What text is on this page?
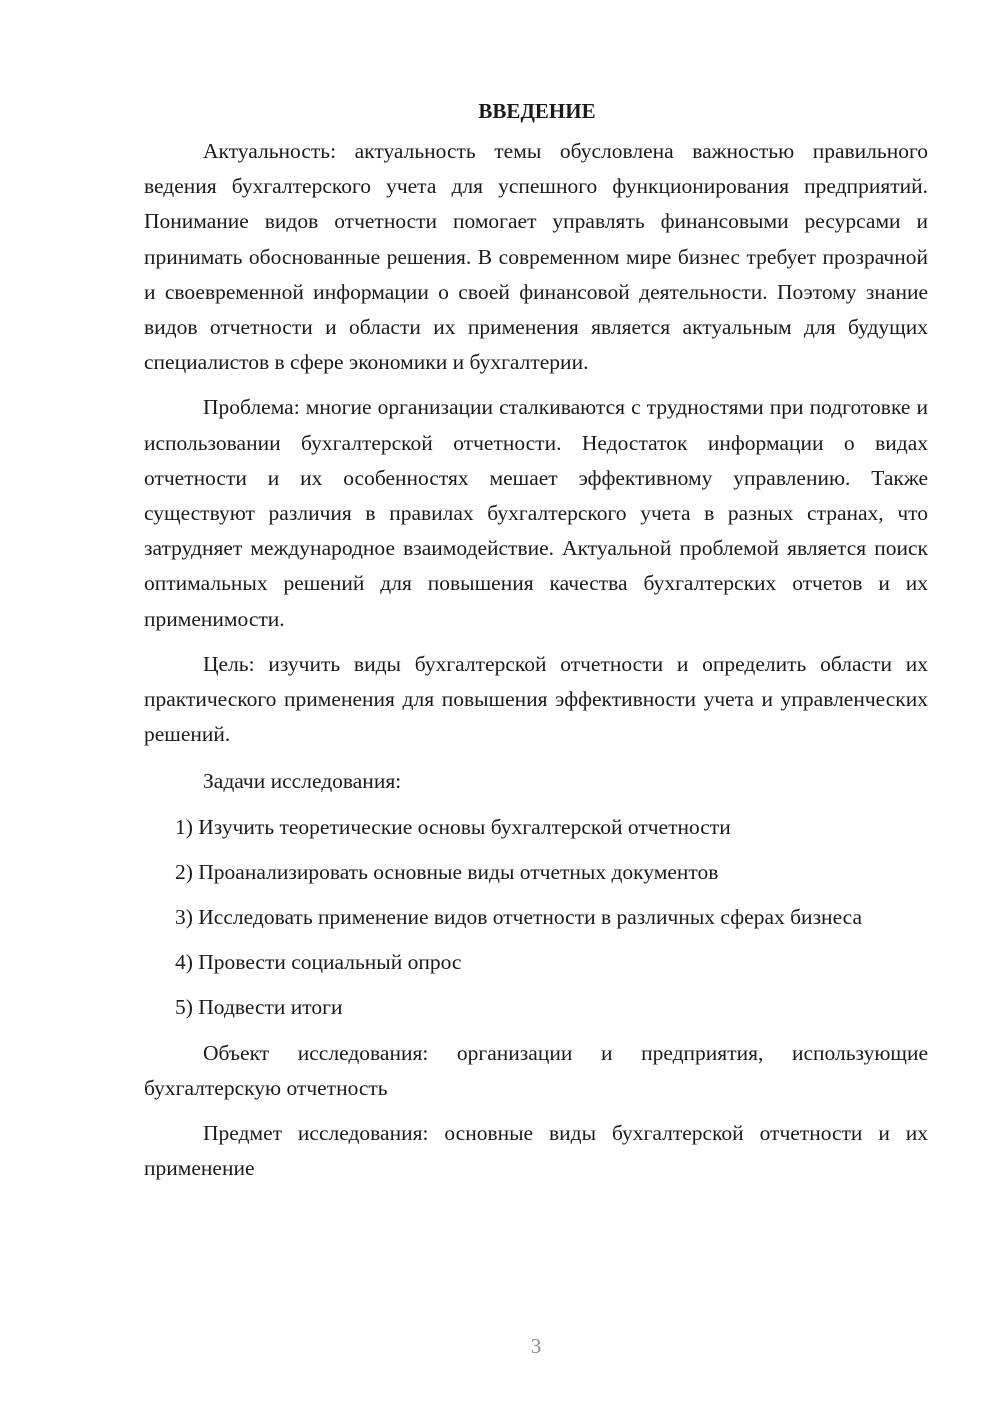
ВВЕДЕНИЕ

Актуальность: актуальность темы обусловлена важностью правильного ведения бухгалтерского учета для успешного функционирования предприятий. Понимание видов отчетности помогает управлять финансовыми ресурсами и принимать обоснованные решения. В современном мире бизнес требует прозрачной и своевременной информации о своей финансовой деятельности. Поэтому знание видов отчетности и области их применения является актуальным для будущих специалистов в сфере экономики и бухгалтерии.

Проблема: многие организации сталкиваются с трудностями при подготовке и использовании бухгалтерской отчетности. Недостаток информации о видах отчетности и их особенностях мешает эффективному управлению. Также существуют различия в правилах бухгалтерского учета в разных странах, что затрудняет международное взаимодействие. Актуальной проблемой является поиск оптимальных решений для повышения качества бухгалтерских отчетов и их применимости.

Цель: изучить виды бухгалтерской отчетности и определить области их практического применения для повышения эффективности учета и управленческих решений.

Задачи исследования:

1) Изучить теоретические основы бухгалтерской отчетности

2) Проанализировать основные виды отчетных документов

3) Исследовать применение видов отчетности в различных сферах бизнеса

4) Провести социальный опрос

5) Подвести итоги

Объект исследования: организации и предприятия, использующие бухгалтерскую отчетность

Предмет исследования: основные виды бухгалтерской отчетности и их применение

3
